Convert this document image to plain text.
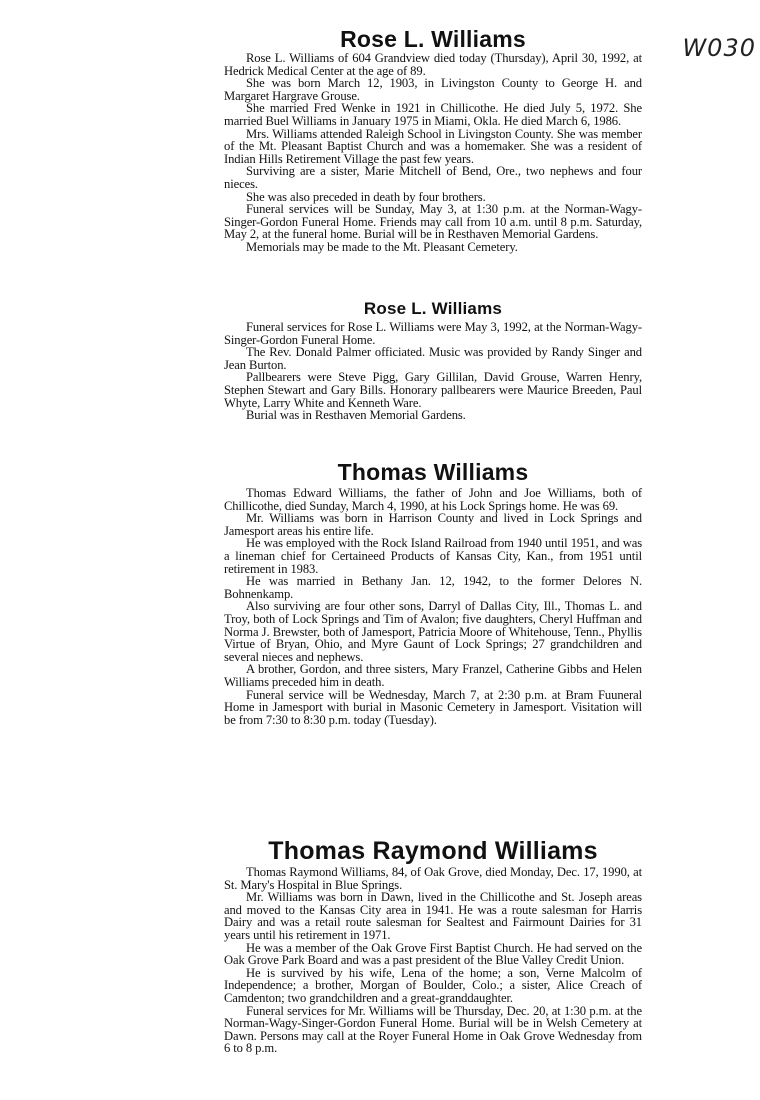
W030
Rose L. Williams

Rose L. Williams of 604 Grandview died today (Thursday), April 30, 1992, at Hedrick Medical Center at the age of 89.

She was born March 12, 1903, in Livingston County to George H. and Margaret Hargrave Grouse.

She married Fred Wenke in 1921 in Chillicothe. He died July 5, 1972. She married Buel Williams in January 1975 in Miami, Okla. He died March 6, 1986.

Mrs. Williams attended Raleigh School in Livingston County. She was member of the Mt. Pleasant Baptist Church and was a homemaker. She was a resident of Indian Hills Retirement Village the past few years.

Surviving are a sister, Marie Mitchell of Bend, Ore., two nephews and four nieces.

She was also preceded in death by four brothers.

Funeral services will be Sunday, May 3, at 1:30 p.m. at the Norman-Wagy-Singer-Gordon Funeral Home. Friends may call from 10 a.m. until 8 p.m. Saturday, May 2, at the funeral home. Burial will be in Resthaven Memorial Gardens.

Memorials may be made to the Mt. Pleasant Cemetery.

Rose L. Williams

Funeral services for Rose L. Williams were May 3, 1992, at the Norman-Wagy-Singer-Gordon Funeral Home.

The Rev. Donald Palmer officiated. Music was provided by Randy Singer and Jean Burton.

Pallbearers were Steve Pigg, Gary Gillilan, David Grouse, Warren Henry, Stephen Stewart and Gary Bills. Honorary pallbearers were Maurice Breeden, Paul Whyte, Larry White and Kenneth Ware.

Burial was in Resthaven Memorial Gardens.

Thomas Williams

Thomas Edward Williams, the father of John and Joe Williams, both of Chillicothe, died Sunday, March 4, 1990, at his Lock Springs home. He was 69.

Mr. Williams was born in Harrison County and lived in Lock Springs and Jamesport areas his entire life.

He was employed with the Rock Island Railroad from 1940 until 1951, and was a lineman chief for Certaineed Products of Kansas City, Kan., from 1951 until retirement in 1983.

He was married in Bethany Jan. 12, 1942, to the former Delores N. Bohnenkamp.

Also surviving are four other sons, Darryl of Dallas City, Ill., Thomas L. and Troy, both of Lock Springs and Tim of Avalon; five daughters, Cheryl Huffman and Norma J. Brewster, both of Jamesport, Patricia Moore of Whitehouse, Tenn., Phyllis Virtue of Bryan, Ohio, and Myre Gaunt of Lock Springs; 27 grandchildren and several nieces and nephews.

A brother, Gordon, and three sisters, Mary Franzel, Catherine Gibbs and Helen Williams preceded him in death.

Funeral service will be Wednesday, March 7, at 2:30 p.m. at Bram Fuuneral Home in Jamesport with burial in Masonic Cemetery in Jamesport. Visitation will be from 7:30 to 8:30 p.m. today (Tuesday).

Thomas Raymond Williams

Thomas Raymond Williams, 84, of Oak Grove, died Monday, Dec. 17, 1990, at St. Mary's Hospital in Blue Springs.

Mr. Williams was born in Dawn, lived in the Chillicothe and St. Joseph areas and moved to the Kansas City area in 1941. He was a route salesman for Harris Dairy and was a retail route salesman for Sealtest and Fairmount Dairies for 31 years until his retirement in 1971.

He was a member of the Oak Grove First Baptist Church. He had served on the Oak Grove Park Board and was a past president of the Blue Valley Credit Union.

He is survived by his wife, Lena of the home; a son, Verne Malcolm of Independence; a brother, Morgan of Boulder, Colo.; a sister, Alice Creach of Camdenton; two grandchildren and a great-granddaughter.

Funeral services for Mr. Williams will be Thursday, Dec. 20, at 1:30 p.m. at the Norman-Wagy-Singer-Gordon Funeral Home. Burial will be in Welsh Cemetery at Dawn. Persons may call at the Royer Funeral Home in Oak Grove Wednesday from 6 to 8 p.m.
